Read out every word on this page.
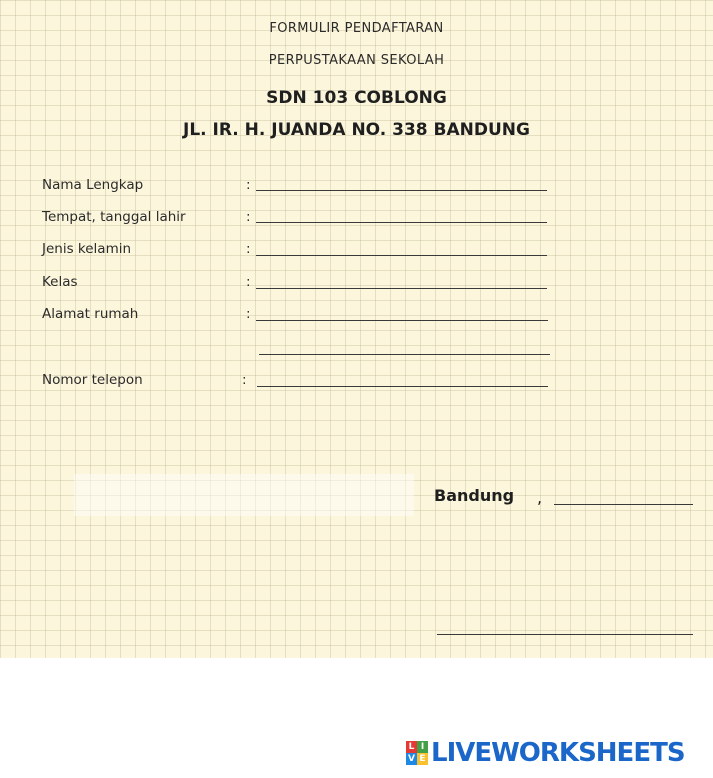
FORMULIR PENDAFTARAN
PERPUSTAKAAN SEKOLAH
SDN 103 COBLONG
JL. IR. H. JUANDA NO. 338 BANDUNG
Nama Lengkap	:
Tempat, tanggal lahir	:
Jenis kelamin	:
Kelas	:
Alamat rumah	:
Nomor telepon	:
Bandung ,
L I
V E LIVEWORKSHEETS
